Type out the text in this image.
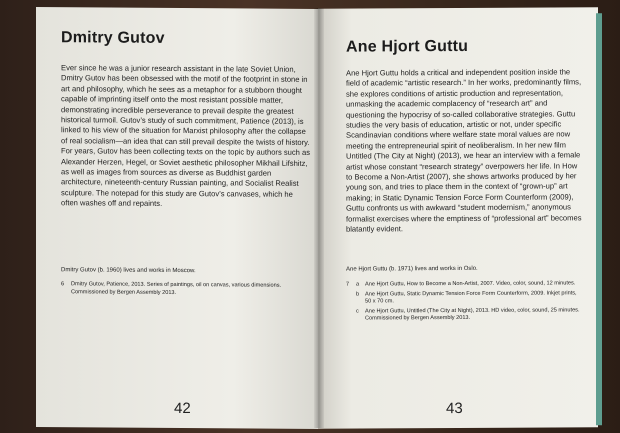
Dmitry Gutov
Ever since he was a junior research assistant in the late Soviet Union, Dmitry Gutov has been obsessed with the motif of the footprint in stone in art and philosophy, which he sees as a metaphor for a stubborn thought capable of imprinting itself onto the most resistant possible matter, demonstrating incredible perseverance to prevail despite the greatest historical turmoil. Gutov’s study of such commitment, Patience (2013), is linked to his view of the situation for Marxist philosophy after the collapse of real socialism—an idea that can still prevail despite the twists of history. For years, Gutov has been collecting texts on the topic by authors such as Alexander Herzen, Hegel, or Soviet aesthetic philosopher Mikhail Lifshitz, as well as images from sources as diverse as Buddhist garden architecture, nineteenth-century Russian painting, and Socialist Realist sculpture. The notepad for this study are Gutov’s canvases, which he often washes off and repaints.
Dmitry Gutov (b. 1960) lives and works in Moscow.
6	Dmitry Gutov, Patience, 2013. Series of paintings, oil on canvas, various dimensions. Commissioned by Bergen Assembly 2013.
42
Ane Hjort Guttu
Ane Hjort Guttu holds a critical and independent position inside the field of academic “artistic research.” In her works, predominantly films, she explores conditions of artistic production and representation, unmasking the academic complacency of “research art” and questioning the hypocrisy of so-called collaborative strategies. Guttu studies the very basis of education, artistic or not, under specific Scandinavian conditions where welfare state moral values are now meeting the entrepreneurial spirit of neoliberalism. In her new film Untitled (The City at Night) (2013), we hear an interview with a female artist whose constant “research strategy” overpowers her life. In How to Become a Non-Artist (2007), she shows artworks produced by her young son, and tries to place them in the context of “grown-up” art making; in Static Dynamic Tension Force Form Counterform (2009), Guttu confronts us with awkward “student modernism,” anonymous formalist exercises where the emptiness of “professional art” becomes blatantly evident.
Ane Hjort Guttu (b. 1971) lives and works in Oslo.
7	a	Ane Hjort Guttu, How to Become a Non-Artist, 2007. Video, color, sound, 12 minutes.
b	Ane Hjort Guttu, Static Dynamic Tension Force Form Counterform, 2009. Inkjet prints, 50 x 70 cm.
c	Ane Hjort Guttu, Untitled (The City at Night), 2013. HD video, color, sound, 25 minutes. Commissioned by Bergen Assembly 2013.
43
